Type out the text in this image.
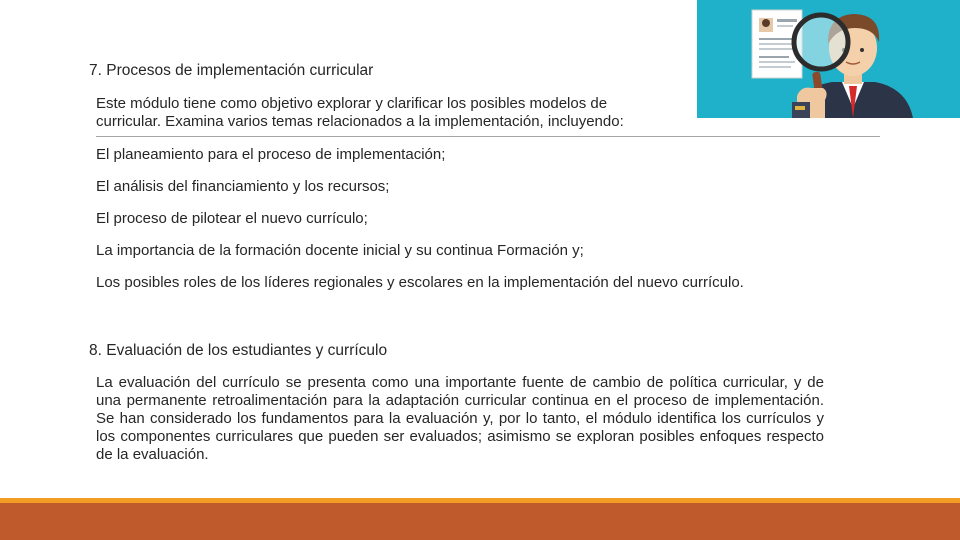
7. Procesos de implementación curricular
Este módulo tiene como objetivo explorar y clarificar los posibles modelos de
curricular. Examina varios temas relacionados a la implementación, incluyendo:
El planeamiento para el proceso de implementación;
El análisis del financiamiento y los recursos;
El proceso de pilotear el nuevo currículo;
La importancia de la formación docente inicial y su continua Formación y;
Los posibles roles de los líderes regionales y escolares en la implementación del nuevo currículo.
8. Evaluación de los estudiantes y currículo
La evaluación del currículo se presenta como una importante fuente de cambio de política curricular, y de una permanente retroalimentación para la adaptación curricular continua en el proceso de implementación. Se han considerado los fundamentos para la evaluación y, por lo tanto, el módulo identifica los currículos y los componentes curriculares que pueden ser evaluados; asimismo se exploran posibles enfoques respecto de la evaluación.
